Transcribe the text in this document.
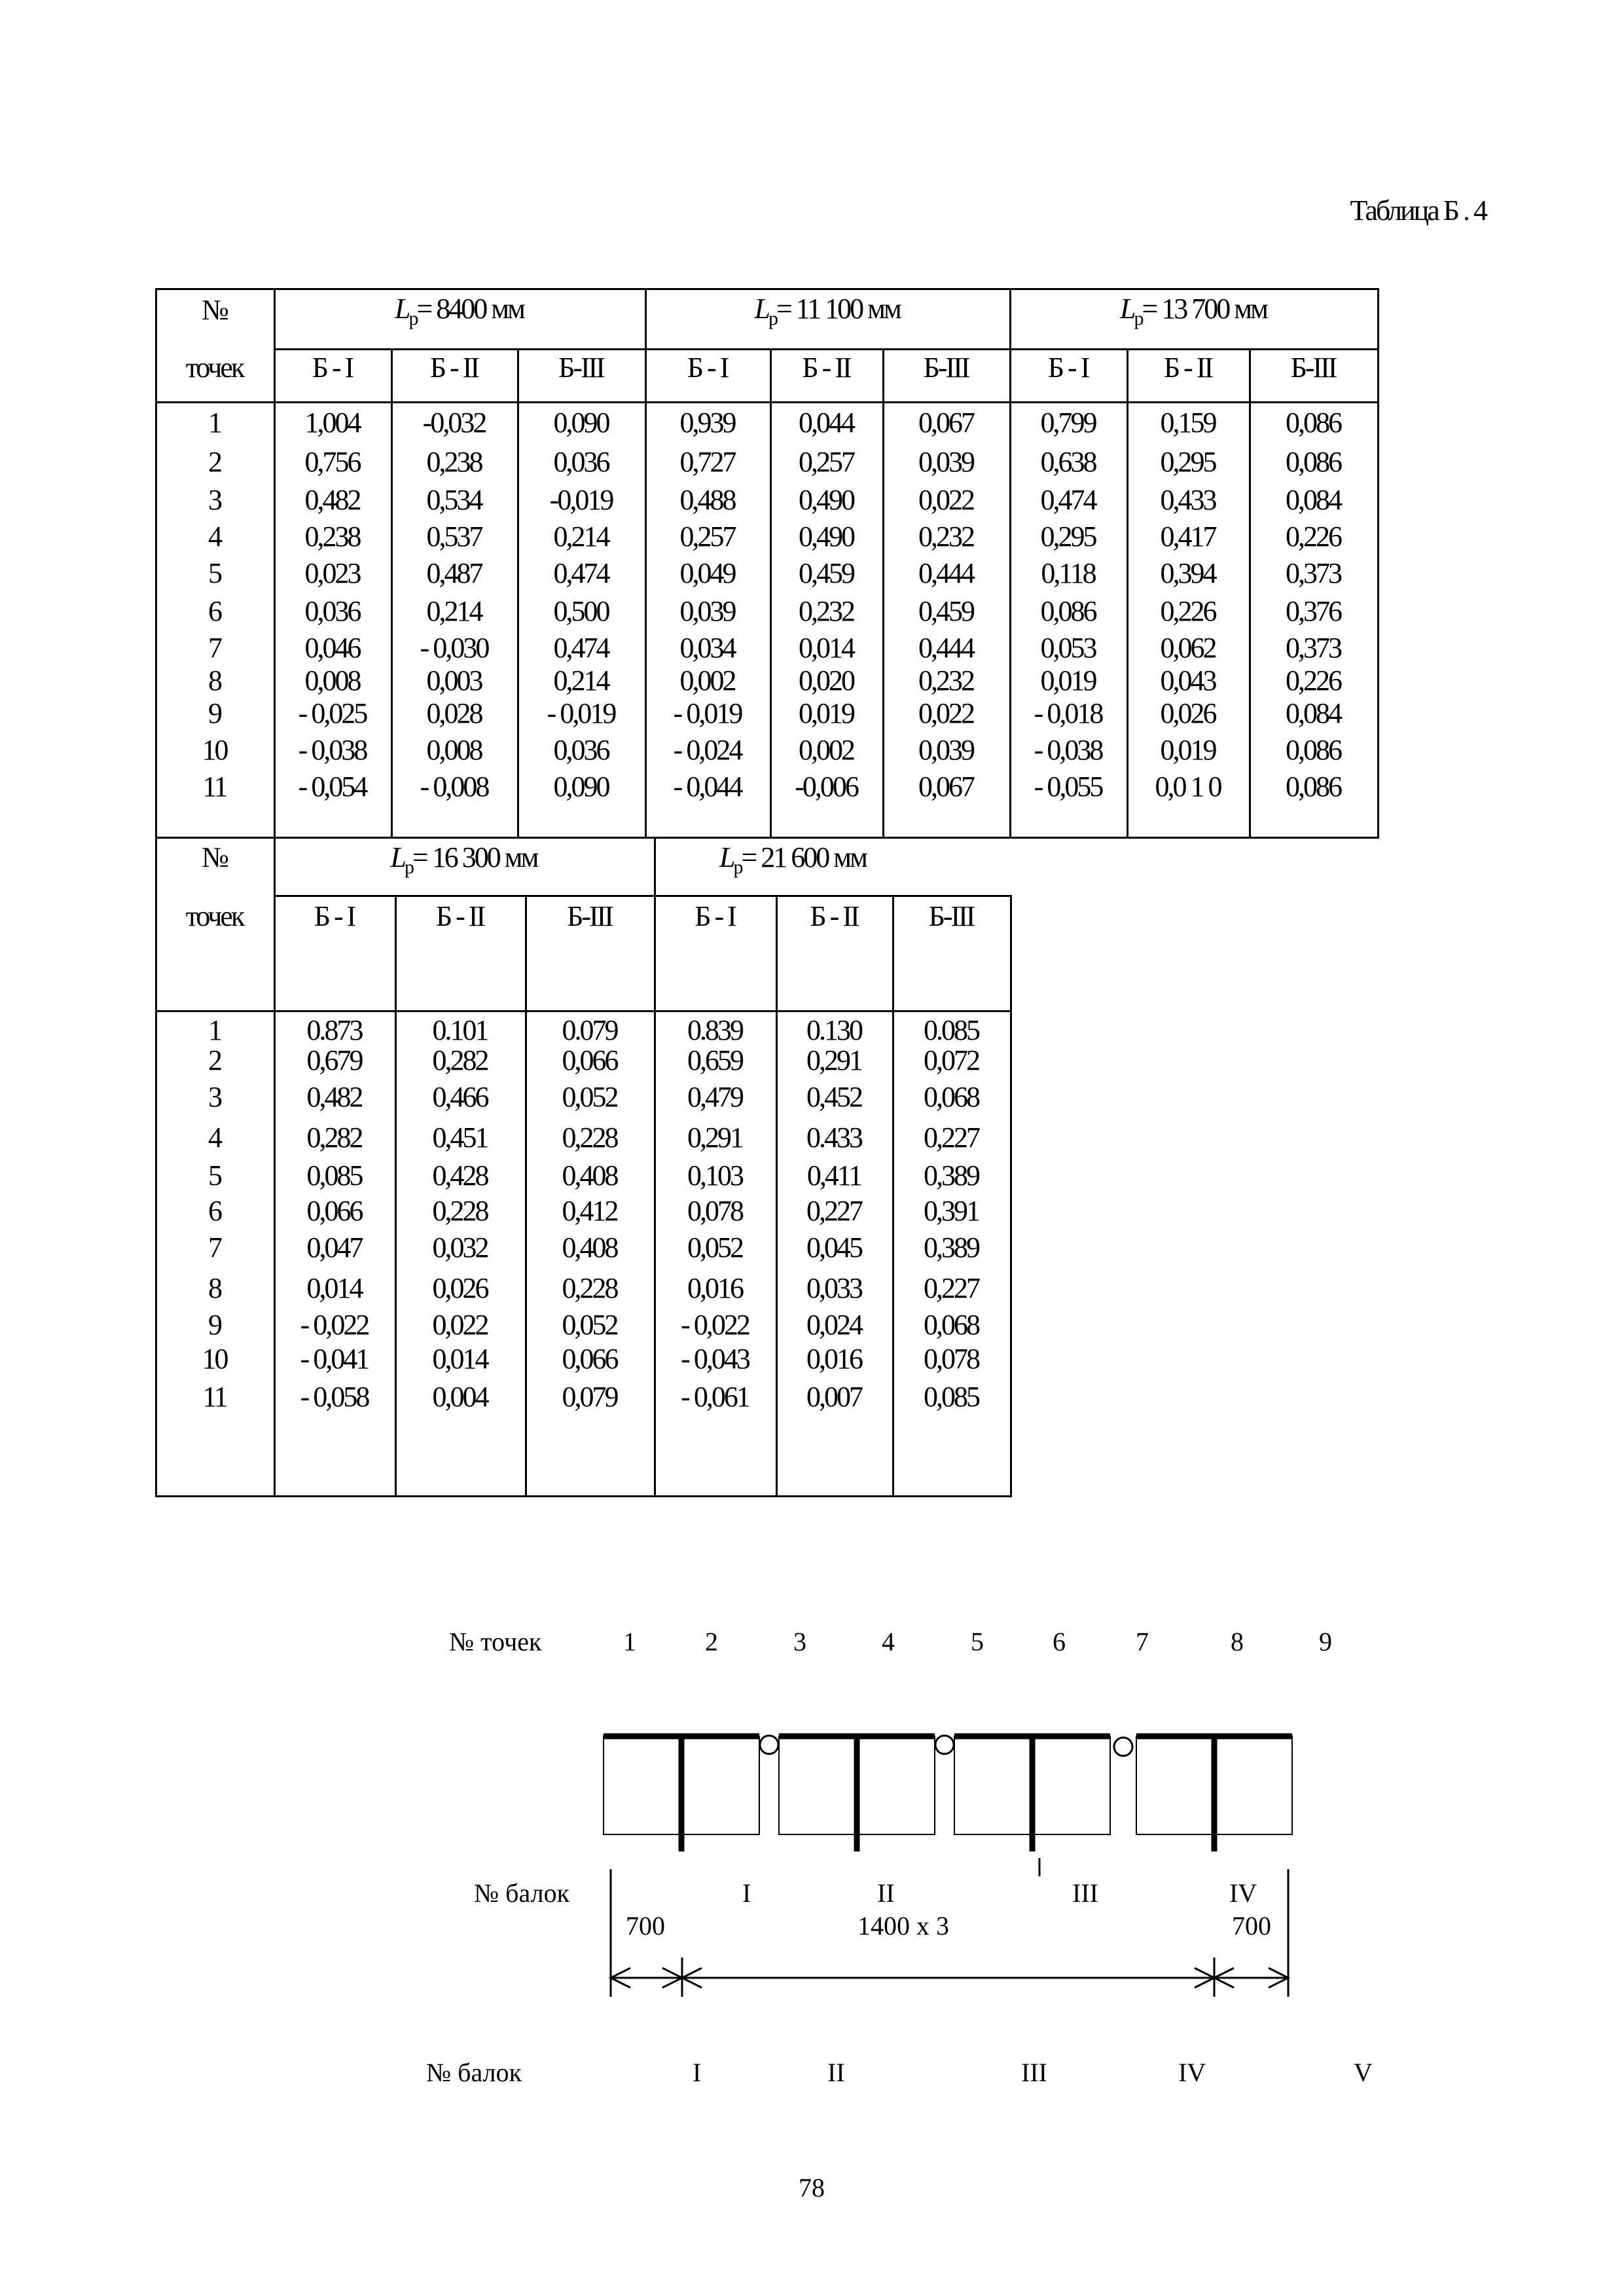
Таблица Б . 4
№
точек
$L_р= 8400$ мм	$L_р= 11$ 100 мм	$L_р= 13$ 700 мм
Б - I	Б - II	Б-III	Б - I	Б - II	Б-III	Б - I	Б - II	Б-III
1	1,004	-0,032	0,090	0,939	0,044	0,067	0,799	0,159	0,086
2	0,756	0,238	0,036	0,727	0,257	0,039	0,638	0,295	0,086
3	0,482	0,534	-0,019	0,488	0,490	0,022	0,474	0,433	0,084
4	0,238	0,537	0,214	0,257	0,490	0,232	0,295	0,417	0,226
5	0,023	0,487	0,474	0,049	0,459	0,444	0,118	0,394	0,373
6	0,036	0,214	0,500	0,039	0,232	0,459	0,086	0,226	0,376
7	0,046	- 0,030	0,474	0,034	0,014	0,444	0,053	0,062	0,373
8	0,008	0,003	0,214	0,002	0,020	0,232	0,019	0,043	0,226
9	- 0,025	0,028	- 0,019	- 0,019	0,019	0,022	- 0,018	0,026	0,084
10	- 0,038	0,008	0,036	- 0,024	0,002	0,039	- 0,038	0,019	0,086
11	- 0,054	- 0,008	0,090	- 0,044	-0,006	0,067	- 0,055	0,0 1 0	0,086
№
точек
$L_р= 16$ 300 мм	$L_р= 21$ 600 мм
Б - I	Б - II	Б-III	Б - I	Б - II	Б-III
1	0.873	0.101	0.079	0.839	0.130	0.085
2	0,679	0,282	0,066	0,659	0,291	0,072
3	0,482	0,466	0,052	0,479	0,452	0,068
4	0,282	0,451	0,228	0,291	0.433	0,227
5	0,085	0,428	0,408	0,103	0,411	0,389
6	0,066	0,228	0,412	0,078	0,227	0,391
7	0,047	0,032	0,408	0,052	0,045	0,389
8	0,014	0,026	0,228	0,016	0,033	0,227
9	- 0,022	0,022	0,052	- 0,022	0,024	0,068
10	- 0,041	0,014	0,066	- 0,043	0,016	0,078
11	- 0,058	0,004	0,079	- 0,061	0,007	0,085
№ точек	1	2	3	4	5	6	7	8	9
№ балок	I	II	III	IV
700	1400 x 3	700
№ балок	I	II	III	IV	V
78
